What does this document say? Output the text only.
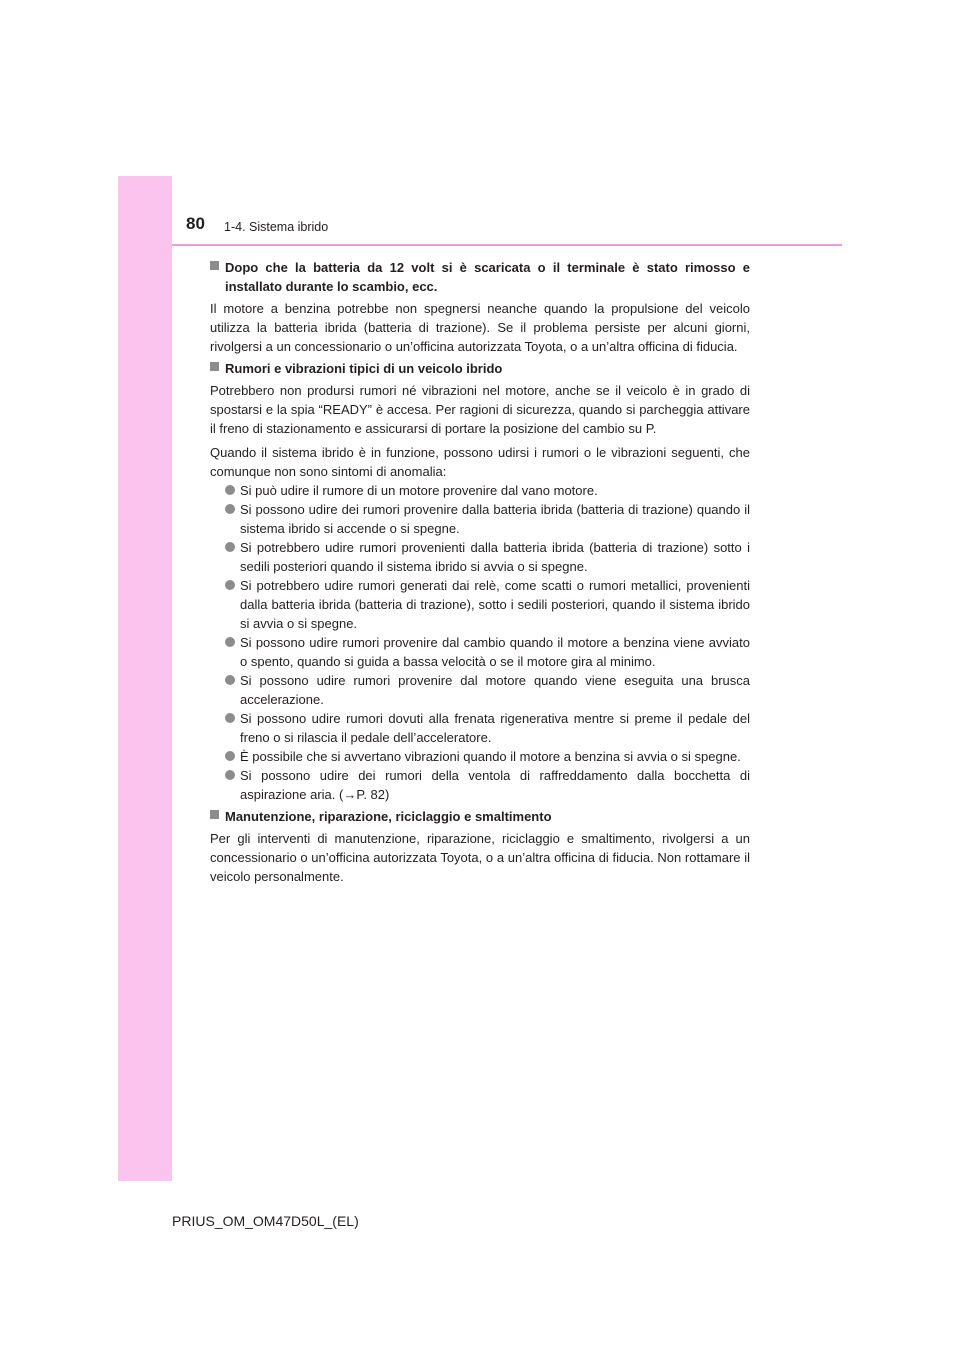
80 1-4. Sistema ibrido

Dopo che la batteria da 12 volt si è scaricata o il terminale è stato rimosso e installato durante lo scambio, ecc.

Il motore a benzina potrebbe non spegnersi neanche quando la propulsione del veicolo utilizza la batteria ibrida (batteria di trazione). Se il problema persiste per alcuni giorni, rivolgersi a un concessionario o un’officina autorizzata Toyota, o a un’altra officina di fiducia.

Rumori e vibrazioni tipici di un veicolo ibrido

Potrebbero non prodursi rumori né vibrazioni nel motore, anche se il veicolo è in grado di spostarsi e la spia “READY” è accesa. Per ragioni di sicurezza, quando si parcheggia attivare il freno di stazionamento e assicurarsi di portare la posizione del cambio su P.

Quando il sistema ibrido è in funzione, possono udirsi i rumori o le vibrazioni seguenti, che comunque non sono sintomi di anomalia:

Si può udire il rumore di un motore provenire dal vano motore.

Si possono udire dei rumori provenire dalla batteria ibrida (batteria di trazione) quando il sistema ibrido si accende o si spegne.

Si potrebbero udire rumori provenienti dalla batteria ibrida (batteria di trazione) sotto i sedili posteriori quando il sistema ibrido si avvia o si spegne.

Si potrebbero udire rumori generati dai relè, come scatti o rumori metallici, provenienti dalla batteria ibrida (batteria di trazione), sotto i sedili posteriori, quando il sistema ibrido si avvia o si spegne.

Si possono udire rumori provenire dal cambio quando il motore a benzina viene avviato o spento, quando si guida a bassa velocità o se il motore gira al minimo.

Si possono udire rumori provenire dal motore quando viene eseguita una brusca accelerazione.

Si possono udire rumori dovuti alla frenata rigenerativa mentre si preme il pedale del freno o si rilascia il pedale dell’acceleratore.

È possibile che si avvertano vibrazioni quando il motore a benzina si avvia o si spegne.

Si possono udire dei rumori della ventola di raffreddamento dalla bocchetta di aspirazione aria. (→P. 82)

Manutenzione, riparazione, riciclaggio e smaltimento

Per gli interventi di manutenzione, riparazione, riciclaggio e smaltimento, rivolgersi a un concessionario o un’officina autorizzata Toyota, o a un’altra officina di fiducia. Non rottamare il veicolo personalmente.

PRIUS_OM_OM47D50L_(EL)
